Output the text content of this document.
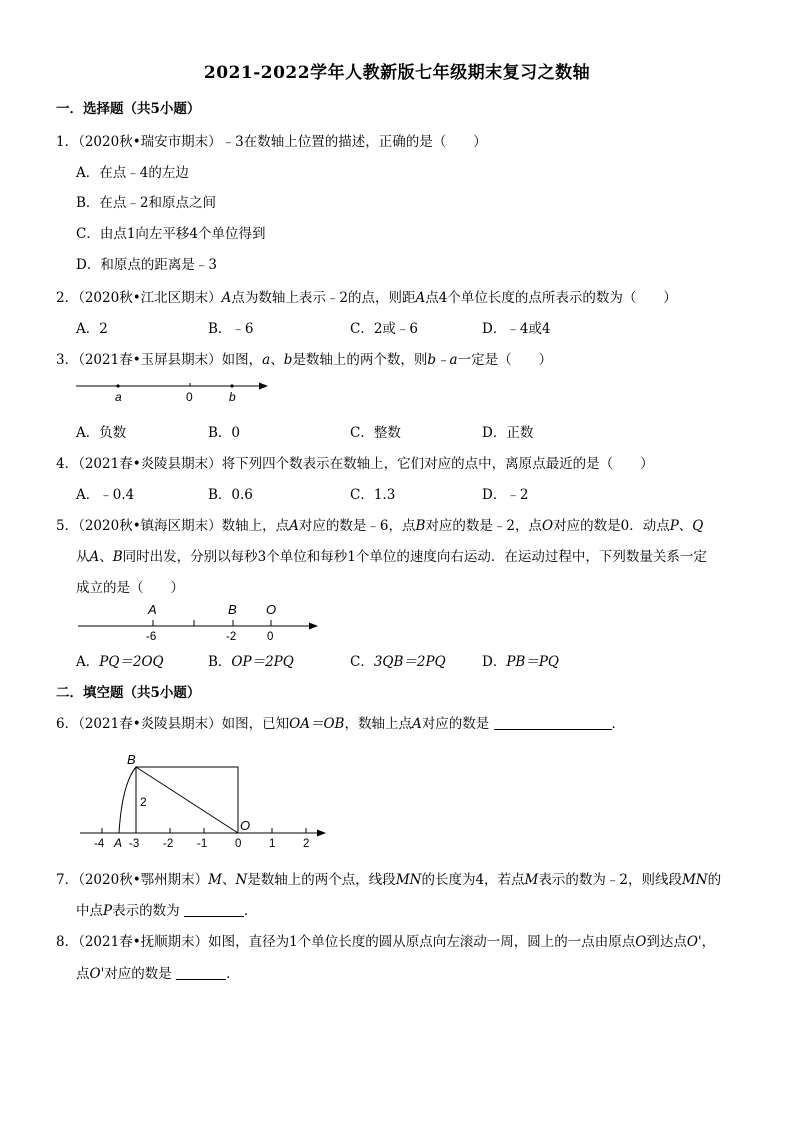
2021-2022学年人教新版七年级期末复习之数轴
一．选择题（共5小题）
1．（2020秋•瑞安市期末）﹣3在数轴上位置的描述，正确的是（　　）
A．在点﹣4的左边
B．在点﹣2和原点之间
C．由点1向左平移4个单位得到
D．和原点的距离是﹣3
2．（2020秋•江北区期末）A点为数轴上表示﹣2的点，则距A点4个单位长度的点所表示的数为（　　）
A．2	B．﹣6	C．2或﹣6	D．﹣4或4
3．（2021春•玉屏县期末）如图，a、b是数轴上的两个数，则b﹣a一定是（　　）
a	0	b
A．负数	B．0	C．整数	D．正数
4．（2021春•炎陵县期末）将下列四个数表示在数轴上，它们对应的点中，离原点最近的是（　　）
A．﹣0.4	B．0.6	C．1.3	D．﹣2
5．（2020秋•镇海区期末）数轴上，点A对应的数是﹣6，点B对应的数是﹣2，点O对应的数是0．动点P、Q
从A、B同时出发，分别以每秒3个单位和每秒1个单位的速度向右运动．在运动过程中，下列数量关系一定
成立的是（　　）
A	B O
-6	-2	0
A．PQ＝2OQ	B．OP＝2PQ	C．3QB＝2PQ	D．PB＝PQ
二．填空题（共5小题）
6．（2021春•炎陵县期末）如图，已知OA＝OB，数轴上点A对应的数是	．
B
O
2
A
-4 -3 -2 -1 0 1 2
7．（2020秋•鄂州期末）M、N是数轴上的两个点，线段MN的长度为4，若点M表示的数为﹣2，则线段MN的
中点P表示的数为	．
8．（2021春•抚顺期末）如图，直径为1个单位长度的圆从原点向左滚动一周，圆上的一点由原点O到达点O'，
点O'对应的数是	．
